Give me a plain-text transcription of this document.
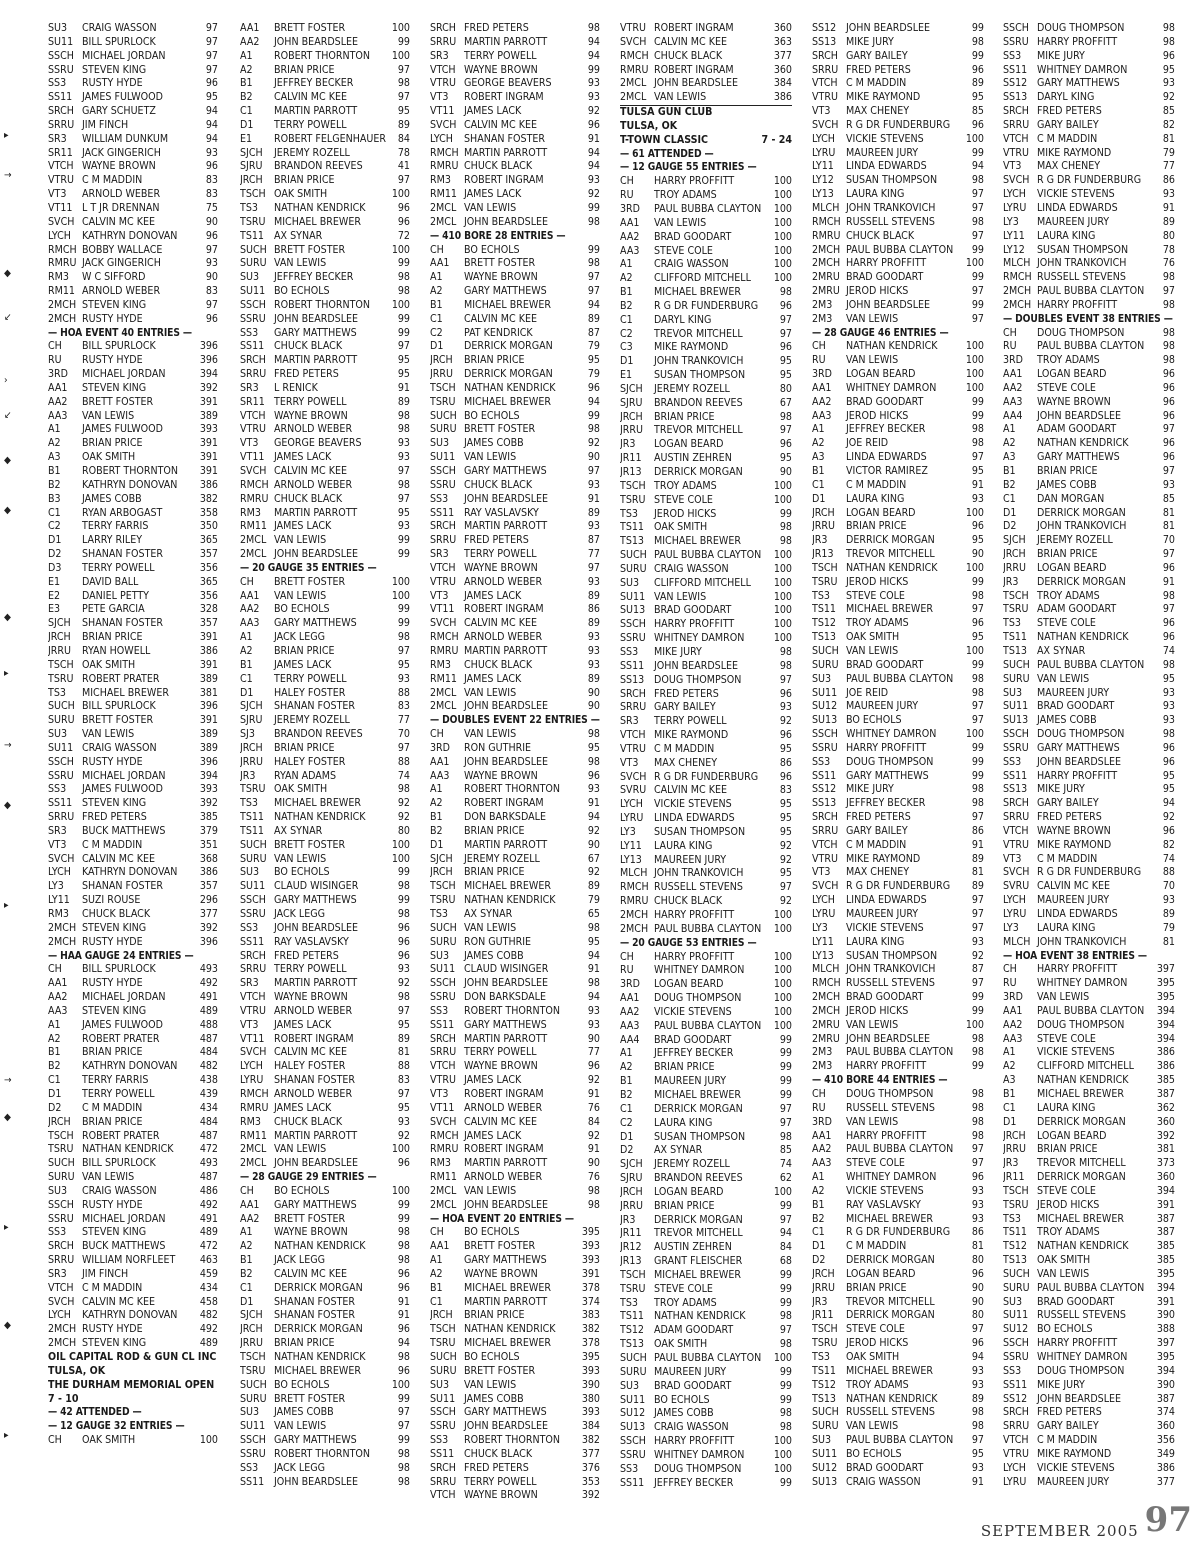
▸
→
◆
↙
›
↙
◆
◆
◆
▸
→
◆
▸
→
◆
▸
◆
▸
SU3 CRAIG WASSON	97
SU11 BILL SPURLOCK	97
SSCH MICHAEL JORDAN	97
SSRU STEVEN KING	97
SS3 RUSTY HYDE	96
SS11 JAMES FULWOOD	95
SRCH GARY SCHUETZ	94
SRRU JIM FINCH	94
SR3 WILLIAM DUNKUM	94
SR11 JACK GINGERICH	93
VTCH WAYNE BROWN	96
VTRU C M MADDIN	83
VT3 ARNOLD WEBER	83
VT11 L T JR DRENNAN	75
SVCH CALVIN MC KEE	90
LYCH KATHRYN DONOVAN	96
RMCH BOBBY WALLACE	97
RMRU JACK GINGERICH	93
RM3 W C SIFFORD	90
RM11 ARNOLD WEBER	83
2MCH STEVEN KING	97
2MCH RUSTY HYDE	96
— HOA EVENT 40 ENTRIES —
CH BILL SPURLOCK	396
RU RUSTY HYDE	396
3RD MICHAEL JORDAN	394
AA1 STEVEN KING	392
AA2 BRETT FOSTER	391
AA3 VAN LEWIS	389
A1 JAMES FULWOOD	393
A2 BRIAN PRICE	391
A3 OAK SMITH	391
B1 ROBERT THORNTON 391
B2 KATHRYN DONOVAN 386
B3 JAMES COBB	382
C1 RYAN ARBOGAST	358
C2 TERRY FARRIS	350
D1 LARRY RILEY	365
D2 SHANAN FOSTER	357
D3 TERRY POWELL	356
E1 DAVID BALL	365
E2 DANIEL PETTY	356
E3 PETE GARCIA	328
SJCH SHANAN FOSTER	357
JRCH BRIAN PRICE	391
JRRU RYAN HOWELL	386
TSCH OAK SMITH	391
TSRU ROBERT PRATER	389
TS3 MICHAEL BREWER	381
SUCH BILL SPURLOCK	396
SURU BRETT FOSTER	391
SU3 VAN LEWIS	389
SU11 CRAIG WASSON	389
SSCH RUSTY HYDE	396
SSRU MICHAEL JORDAN	394
SS3 JAMES FULWOOD	393
SS11 STEVEN KING	392
SRRU FRED PETERS	385
SR3 BUCK MATTHEWS	379
VT3 C M MADDIN	351
SVCH CALVIN MC KEE	368
LYCH KATHRYN DONOVAN 386
LY3 SHANAN FOSTER	357
LY11 SUZI ROUSE	296
RM3 CHUCK BLACK	377
2MCH STEVEN KING	392
2MCH RUSTY HYDE	396
— HAA GAUGE 24 ENTRIES —
CH BILL SPURLOCK	493
AA1 RUSTY HYDE	492
AA2 MICHAEL JORDAN	491
AA3 STEVEN KING	489
A1 JAMES FULWOOD	488
A2 ROBERT PRATER	487
B1 BRIAN PRICE	484
B2 KATHRYN DONOVAN 482
C1 TERRY FARRIS	438
D1 TERRY POWELL	439
D2 C M MADDIN	434
JRCH BRIAN PRICE	484
TSCH ROBERT PRATER	487
TSRU NATHAN KENDRICK 472
SUCH BILL SPURLOCK	493
SURU VAN LEWIS	487
SU3 CRAIG WASSON	486
SSCH RUSTY HYDE	492
SSRU MICHAEL JORDAN	491
SS3 STEVEN KING	489
SRCH BUCK MATTHEWS	472
SRRU WILLIAM NORFLEET 463
SR3 JIM FINCH	459
VTCH C M MADDIN	434
SVCH CALVIN MC KEE	458
LYCH KATHRYN DONOVAN 482
2MCH RUSTY HYDE	492
2MCH STEVEN KING	489
OIL CAPITAL ROD & GUN CL INC
TULSA, OK
THE DURHAM MEMORIAL OPEN
7 - 10
— 42 ATTENDED —
— 12 GAUGE 32 ENTRIES —
CH OAK SMITH	100
AA1 BRETT FOSTER	100
AA2 JOHN BEARDSLEE	99
A1 ROBERT THORNTON 100
A2 BRIAN PRICE	97
B1 JEFFREY BECKER	98
B2 CALVIN MC KEE	97
C1 MARTIN PARROTT	95
D1 TERRY POWELL	89
E1 ROBERT FELGENHAUER 84
SJCH JEREMY ROZELL	78
SJRU BRANDON REEVES	41
JRCH BRIAN PRICE	97
TSCH OAK SMITH	100
TS3 NATHAN KENDRICK	96
TSRU MICHAEL BREWER	96
TS11 AX SYNAR	72
SUCH BRETT FOSTER	100
SURU VAN LEWIS	99
SU3 JEFFREY BECKER	98
SU11 BO ECHOLS	98
SSCH ROBERT THORNTON 100
SSRU JOHN BEARDSLEE	99
SS3 GARY MATTHEWS	99
SS11 CHUCK BLACK	97
SRCH MARTIN PARROTT	95
SRRU FRED PETERS	95
SR3 L RENICK	91
SR11 TERRY POWELL	89
VTCH WAYNE BROWN	98
VTRU ARNOLD WEBER	98
VT3 GEORGE BEAVERS	93
VT11 JAMES LACK	93
SVCH CALVIN MC KEE	97
RMCH ARNOLD WEBER	98
RMRU CHUCK BLACK	97
RM3 MARTIN PARROTT	95
RM11 JAMES LACK	93
2MCL VAN LEWIS	99
2MCL JOHN BEARDSLEE	99
— 20 GAUGE 35 ENTRIES —
CH BRETT FOSTER	100
AA1 VAN LEWIS	100
AA2 BO ECHOLS	99
AA3 GARY MATTHEWS	99
A1 JACK LEGG	98
A2 BRIAN PRICE	97
B1 JAMES LACK	95
C1 TERRY POWELL	93
D1 HALEY FOSTER	88
SJCH SHANAN FOSTER	83
SJRU JEREMY ROZELL	77
SJ3 BRANDON REEVES	70
JRCH BRIAN PRICE	97
JRRU HALEY FOSTER	88
JR3 RYAN ADAMS	74
TSRU OAK SMITH	98
TS3 MICHAEL BREWER	92
TS11 NATHAN KENDRICK	92
TS11 AX SYNAR	80
SUCH BRETT FOSTER	100
SURU VAN LEWIS	100
SU3 BO ECHOLS	99
SU11 CLAUD WISINGER	98
SSCH GARY MATTHEWS	99
SSRU JACK LEGG	98
SS3 JOHN BEARDSLEE	96
SS11 RAY VASLAVSKY	96
SRCH FRED PETERS	96
SRRU TERRY POWELL	93
SR3 MARTIN PARROTT	92
VTCH WAYNE BROWN	98
VTRU ARNOLD WEBER	97
VT3 JAMES LACK	95
VT11 ROBERT INGRAM	89
SVCH CALVIN MC KEE	81
LYCH HALEY FOSTER	88
LYRU SHANAN FOSTER	83
RMCH ARNOLD WEBER	97
RMRU JAMES LACK	95
RM3 CHUCK BLACK	93
RM11 MARTIN PARROTT	92
2MCL VAN LEWIS	100
2MCL JOHN BEARDSLEE	96
— 28 GAUGE 29 ENTRIES —
CH BO ECHOLS	100
AA1 GARY MATTHEWS	99
AA2 BRETT FOSTER	99
A1 WAYNE BROWN	98
A2 NATHAN KENDRICK	98
B1 JACK LEGG	98
B2 CALVIN MC KEE	96
C1 DERRICK MORGAN	96
D1 SHANAN FOSTER	91
SJCH SHANAN FOSTER	91
JRCH DERRICK MORGAN	96
JRRU BRIAN PRICE	94
TSCH NATHAN KENDRICK	98
TSRU MICHAEL BREWER	96
SUCH BO ECHOLS	100
SURU BRETT FOSTER	99
SU3 JAMES COBB	97
SU11 VAN LEWIS	97
SSCH GARY MATTHEWS	99
SSRU ROBERT THORNTON	98
SS3 JACK LEGG	98
SS11 JOHN BEARDSLEE	98
SRCH FRED PETERS	98
SRRU MARTIN PARROTT	94
SR3 TERRY POWELL	94
VTCH WAYNE BROWN	99
VTRU GEORGE BEAVERS	93
VT3 ROBERT INGRAM	93
VT11 JAMES LACK	92
SVCH CALVIN MC KEE	96
LYCH SHANAN FOSTER	91
RMCH MARTIN PARROTT	94
RMRU CHUCK BLACK	94
RM3 ROBERT INGRAM	93
RM11 JAMES LACK	92
2MCL VAN LEWIS	99
2MCL JOHN BEARDSLEE	98
— 410 BORE 28 ENTRIES —
CH BO ECHOLS	99
AA1 BRETT FOSTER	98
A1 WAYNE BROWN	97
A2 GARY MATTHEWS	97
B1 MICHAEL BREWER	94
C1 CALVIN MC KEE	89
C2 PAT KENDRICK	87
D1 DERRICK MORGAN	79
JRCH BRIAN PRICE	95
JRRU DERRICK MORGAN	79
TSCH NATHAN KENDRICK	96
TSRU MICHAEL BREWER	94
SUCH BO ECHOLS	99
SURU BRETT FOSTER	98
SU3 JAMES COBB	92
SU11 VAN LEWIS	90
SSCH GARY MATTHEWS	97
SSRU CHUCK BLACK	93
SS3 JOHN BEARDSLEE	91
SS11 RAY VASLAVSKY	89
SRCH MARTIN PARROTT	93
SRRU FRED PETERS	87
SR3 TERRY POWELL	77
VTCH WAYNE BROWN	97
VTRU ARNOLD WEBER	93
VT3 JAMES LACK	89
VT11 ROBERT INGRAM	86
SVCH CALVIN MC KEE	89
RMCH ARNOLD WEBER	93
RMRU MARTIN PARROTT	93
RM3 CHUCK BLACK	93
RM11 JAMES LACK	89
2MCL VAN LEWIS	90
2MCL JOHN BEARDSLEE	90
— DOUBLES EVENT 22 ENTRIES —
CH VAN LEWIS	98
3RD RON GUTHRIE	95
AA1 JOHN BEARDSLEE	98
AA3 WAYNE BROWN	96
A1 ROBERT THORNTON	93
A2 ROBERT INGRAM	91
B1 DON BARKSDALE	94
B2 BRIAN PRICE	92
D1 MARTIN PARROTT	90
SJCH JEREMY ROZELL	67
JRCH BRIAN PRICE	92
TSCH MICHAEL BREWER	89
TSRU NATHAN KENDRICK	79
TS3 AX SYNAR	65
SUCH VAN LEWIS	98
SURU RON GUTHRIE	95
SU3 JAMES COBB	94
SU11 CLAUD WISINGER	91
SSCH JOHN BEARDSLEE	98
SSRU DON BARKSDALE	94
SS3 ROBERT THORNTON	93
SS11 GARY MATTHEWS	93
SRCH MARTIN PARROTT	90
SRRU TERRY POWELL	77
VTCH WAYNE BROWN	96
VTRU JAMES LACK	92
VT3 ROBERT INGRAM	91
VT11 ARNOLD WEBER	76
SVCH CALVIN MC KEE	84
RMCH JAMES LACK	92
RMRU ROBERT INGRAM	91
RM3 MARTIN PARROTT	90
RM11 ARNOLD WEBER	76
2MCL VAN LEWIS	98
2MCL JOHN BEARDSLEE	98
— HOA EVENT 20 ENTRIES —
CH BO ECHOLS	395
AA1 BRETT FOSTER	393
A1 GARY MATTHEWS	393
A2 WAYNE BROWN	391
B1 MICHAEL BREWER	378
C1 MARTIN PARROTT	374
JRCH BRIAN PRICE	383
TSCH NATHAN KENDRICK 382
TSRU MICHAEL BREWER	378
SUCH BO ECHOLS	395
SURU BRETT FOSTER	393
SU3 VAN LEWIS	390
SU11 JAMES COBB	380
SSCH GARY MATTHEWS	393
SSRU JOHN BEARDSLEE	384
SS3 ROBERT THORNTON 382
SS11 CHUCK BLACK	377
SRCH FRED PETERS	376
SRRU TERRY POWELL	353
VTCH WAYNE BROWN	392
VTRU ROBERT INGRAM	360
SVCH CALVIN MC KEE	363
RMCH CHUCK BLACK	377
RMRU ROBERT INGRAM	360
2MCL JOHN BEARDSLEE	384
2MCL VAN LEWIS	386
TULSA GUN CLUB
TULSA, OK
T-TOWN CLASSIC	7 - 24
— 61 ATTENDED —
— 12 GAUGE 55 ENTRIES —
CH HARRY PROFFITT	100
RU TROY ADAMS	100
3RD PAUL BUBBA CLAYTON 100
AA1 VAN LEWIS	100
AA2 BRAD GOODART	100
AA3 STEVE COLE	100
A1 CRAIG WASSON	100
A2 CLIFFORD MITCHELL 100
B1 MICHAEL BREWER	98
B2 R G DR FUNDERBURG 96
C1 DARYL KING	97
C2 TREVOR MITCHELL	97
C3 MIKE RAYMOND	96
D1 JOHN TRANKOVICH	95
E1 SUSAN THOMPSON	95
SJCH JEREMY ROZELL	80
SJRU BRANDON REEVES	67
JRCH BRIAN PRICE	98
JRRU TREVOR MITCHELL	97
JR3 LOGAN BEARD	96
JR11 AUSTIN ZEHREN	95
JR13 DERRICK MORGAN	90
TSCH TROY ADAMS	100
TSRU STEVE COLE	100
TS3 JEROD HICKS	99
TS11 OAK SMITH	98
TS13 MICHAEL BREWER	98
SUCH PAUL BUBBA CLAYTON 100
SURU CRAIG WASSON	100
SU3 CLIFFORD MITCHELL 100
SU11 VAN LEWIS	100
SU13 BRAD GOODART	100
SSCH HARRY PROFFITT	100
SSRU WHITNEY DAMRON	100
SS3 MIKE JURY	98
SS11 JOHN BEARDSLEE	98
SS13 DOUG THOMPSON	97
SRCH FRED PETERS	96
SRRU GARY BAILEY	93
SR3 TERRY POWELL	92
VTCH MIKE RAYMOND	96
VTRU C M MADDIN	95
VT3 MAX CHENEY	86
SVCH R G DR FUNDERBURG 96
SVRU CALVIN MC KEE	83
LYCH VICKIE STEVENS	95
LYRU LINDA EDWARDS	95
LY3 SUSAN THOMPSON	95
LY11 LAURA KING	92
LY13 MAUREEN JURY	92
MLCH JOHN TRANKOVICH	95
RMCH RUSSELL STEVENS	97
RMRU CHUCK BLACK	92
2MCH HARRY PROFFITT	100
2MCH PAUL BUBBA CLAYTON 100
— 20 GAUGE 53 ENTRIES —
CH HARRY PROFFITT	100
RU WHITNEY DAMRON	100
3RD LOGAN BEARD	100
AA1 DOUG THOMPSON	100
AA2 VICKIE STEVENS	100
AA3 PAUL BUBBA CLAYTON 100
AA4 BRAD GOODART	99
A1 JEFFREY BECKER	99
A2 BRIAN PRICE	99
B1 MAUREEN JURY	99
B2 MICHAEL BREWER	99
C1 DERRICK MORGAN	97
C2 LAURA KING	97
D1 SUSAN THOMPSON	98
D2 AX SYNAR	85
SJCH JEREMY ROZELL	74
SJRU BRANDON REEVES	62
JRCH LOGAN BEARD	100
JRRU BRIAN PRICE	99
JR3 DERRICK MORGAN	97
JR11 TREVOR MITCHELL	94
JR12 AUSTIN ZEHREN	84
JR13 GRANT FLEISCHER	68
TSCH MICHAEL BREWER	99
TSRU STEVE COLE	99
TS3 TROY ADAMS	99
TS11 NATHAN KENDRICK	98
TS12 ADAM GOODART	97
TS13 OAK SMITH	98
SUCH PAUL BUBBA CLAYTON 100
SURU MAUREEN JURY	99
SU3 BRAD GOODART	99
SU11 BO ECHOLS	99
SU12 JAMES COBB	98
SU13 CRAIG WASSON	98
SSCH HARRY PROFFITT	100
SSRU WHITNEY DAMRON	100
SS3 DOUG THOMPSON	100
SS11 JEFFREY BECKER	99
SS12 JOHN BEARDSLEE	99
SS13 MIKE JURY	98
SRCH GARY BAILEY	99
SRRU FRED PETERS	96
VTCH C M MADDIN	89
VTRU MIKE RAYMOND	95
VT3 MAX CHENEY	85
SVCH R G DR FUNDERBURG 96
LYCH VICKIE STEVENS	100
LYRU MAUREEN JURY	99
LY11 LINDA EDWARDS	94
LY12 SUSAN THOMPSON	98
LY13 LAURA KING	97
MLCH JOHN TRANKOVICH	97
RMCH RUSSELL STEVENS	98
RMRU CHUCK BLACK	97
2MCH PAUL BUBBA CLAYTON 99
2MCH HARRY PROFFITT	100
2MRU BRAD GOODART	99
2MRU JEROD HICKS	97
2M3 JOHN BEARDSLEE	99
2M3 VAN LEWIS	97
— 28 GAUGE 46 ENTRIES —
CH NATHAN KENDRICK	100
RU VAN LEWIS	100
3RD LOGAN BEARD	100
AA1 WHITNEY DAMRON	100
AA2 BRAD GOODART	99
AA3 JEROD HICKS	99
A1 JEFFREY BECKER	98
A2 JOE REID	98
A3 LINDA EDWARDS	97
B1 VICTOR RAMIREZ	95
C1 C M MADDIN	91
D1 LAURA KING	93
JRCH LOGAN BEARD	100
JRRU BRIAN PRICE	96
JR3 DERRICK MORGAN	95
JR13 TREVOR MITCHELL	90
TSCH NATHAN KENDRICK	100
TSRU JEROD HICKS	99
TS3 STEVE COLE	98
TS11 MICHAEL BREWER	97
TS12 TROY ADAMS	96
TS13 OAK SMITH	95
SUCH VAN LEWIS	100
SURU BRAD GOODART	99
SU3 PAUL BUBBA CLAYTON 98
SU11 JOE REID	98
SU12 MAUREEN JURY	97
SU13 BO ECHOLS	97
SSCH WHITNEY DAMRON	100
SSRU HARRY PROFFITT	99
SS3 DOUG THOMPSON	99
SS11 GARY MATTHEWS	99
SS12 MIKE JURY	98
SS13 JEFFREY BECKER	98
SRCH FRED PETERS	97
SRRU GARY BAILEY	86
VTCH C M MADDIN	91
VTRU MIKE RAYMOND	89
VT3 MAX CHENEY	81
SVCH R G DR FUNDERBURG 89
LYCH LINDA EDWARDS	97
LYRU MAUREEN JURY	97
LY3 VICKIE STEVENS	97
LY11 LAURA KING	93
LY13 SUSAN THOMPSON	92
MLCH JOHN TRANKOVICH	87
RMCH RUSSELL STEVENS	97
2MCH BRAD GOODART	99
2MCH JEROD HICKS	99
2MRU VAN LEWIS	100
2MRU JOHN BEARDSLEE	98
2M3 PAUL BUBBA CLAYTON 98
2M3 HARRY PROFFITT	99
— 410 BORE 44 ENTRIES —
CH DOUG THOMPSON	98
RU RUSSELL STEVENS	98
3RD VAN LEWIS	98
AA1 HARRY PROFFITT	98
AA2 PAUL BUBBA CLAYTON 97
AA3 STEVE COLE	97
A1 WHITNEY DAMRON	96
A2 VICKIE STEVENS	93
B1 RAY VASLAVSKY	93
B2 MICHAEL BREWER	93
C1 R G DR FUNDERBURG 86
D1 C M MADDIN	81
D2 DERRICK MORGAN	80
JRCH LOGAN BEARD	96
JRRU BRIAN PRICE	90
JR3 TREVOR MITCHELL	90
JR11 DERRICK MORGAN	80
TSCH STEVE COLE	97
TSRU JEROD HICKS	96
TS3 OAK SMITH	94
TS11 MICHAEL BREWER	93
TS12 TROY ADAMS	93
TS13 NATHAN KENDRICK	89
SUCH RUSSELL STEVENS	98
SURU VAN LEWIS	98
SU3 PAUL BUBBA CLAYTON 97
SU11 BO ECHOLS	95
SU12 BRAD GOODART	93
SU13 CRAIG WASSON	91
SSCH DOUG THOMPSON	98
SSRU HARRY PROFFITT	98
SS3 MIKE JURY	96
SS11 WHITNEY DAMRON	95
SS12 GARY MATTHEWS	93
SS13 DARYL KING	92
SRCH FRED PETERS	85
SRRU GARY BAILEY	82
VTCH C M MADDIN	81
VTRU MIKE RAYMOND	79
VT3 MAX CHENEY	77
SVCH R G DR FUNDERBURG 86
LYCH VICKIE STEVENS	93
LYRU LINDA EDWARDS	91
LY3 MAUREEN JURY	89
LY11 LAURA KING	80
LY12 SUSAN THOMPSON	78
MLCH JOHN TRANKOVICH	76
RMCH RUSSELL STEVENS	98
2MCH PAUL BUBBA CLAYTON 97
2MCH HARRY PROFFITT	98
— DOUBLES EVENT 38 ENTRIES —
CH DOUG THOMPSON	98
RU PAUL BUBBA CLAYTON 98
3RD TROY ADAMS	98
AA1 LOGAN BEARD	96
AA2 STEVE COLE	96
AA3 WAYNE BROWN	96
AA4 JOHN BEARDSLEE	96
A1 ADAM GOODART	97
A2 NATHAN KENDRICK	96
A3 GARY MATTHEWS	96
B1 BRIAN PRICE	97
B2 JAMES COBB	93
C1 DAN MORGAN	85
D1 DERRICK MORGAN	81
D2 JOHN TRANKOVICH	81
SJCH JEREMY ROZELL	70
JRCH BRIAN PRICE	97
JRRU LOGAN BEARD	96
JR3 DERRICK MORGAN	91
TSCH TROY ADAMS	98
TSRU ADAM GOODART	97
TS3 STEVE COLE	96
TS11 NATHAN KENDRICK	96
TS13 AX SYNAR	74
SUCH PAUL BUBBA CLAYTON 98
SURU VAN LEWIS	95
SU3 MAUREEN JURY	93
SU11 BRAD GOODART	93
SU13 JAMES COBB	93
SSCH DOUG THOMPSON	98
SSRU GARY MATTHEWS	96
SS3 JOHN BEARDSLEE	96
SS11 HARRY PROFFITT	95
SS13 MIKE JURY	95
SRCH GARY BAILEY	94
SRRU FRED PETERS	92
VTCH WAYNE BROWN	96
VTRU MIKE RAYMOND	82
VT3 C M MADDIN	74
SVCH R G DR FUNDERBURG 88
SVRU CALVIN MC KEE	70
LYCH MAUREEN JURY	93
LYRU LINDA EDWARDS	89
LY3 LAURA KING	79
MLCH JOHN TRANKOVICH	81
— HOA EVENT 38 ENTRIES —
CH HARRY PROFFITT	397
RU WHITNEY DAMRON	395
3RD VAN LEWIS	395
AA1 PAUL BUBBA CLAYTON 394
AA2 DOUG THOMPSON	394
AA3 STEVE COLE	394
A1 VICKIE STEVENS	386
A2 CLIFFORD MITCHELL 386
A3 NATHAN KENDRICK	385
B1 MICHAEL BREWER	387
C1 LAURA KING	362
D1 DERRICK MORGAN	360
JRCH LOGAN BEARD	392
JRRU BRIAN PRICE	381
JR3 TREVOR MITCHELL	373
JR11 DERRICK MORGAN	360
TSCH STEVE COLE	394
TSRU JEROD HICKS	391
TS3 MICHAEL BREWER	387
TS11 TROY ADAMS	387
TS12 NATHAN KENDRICK	385
TS13 OAK SMITH	385
SUCH VAN LEWIS	395
SURU PAUL BUBBA CLAYTON 394
SU3 BRAD GOODART	391
SU11 RUSSELL STEVENS	390
SU12 BO ECHOLS	388
SSCH HARRY PROFFITT	397
SSRU WHITNEY DAMRON	395
SS3 DOUG THOMPSON	394
SS11 MIKE JURY	390
SS12 JOHN BEARDSLEE	387
SRCH FRED PETERS	374
SRRU GARY BAILEY	360
VTCH C M MADDIN	356
VTRU MIKE RAYMOND	349
LYCH VICKIE STEVENS	386
LYRU MAUREEN JURY	377
SEPTEMBER 2005 97
